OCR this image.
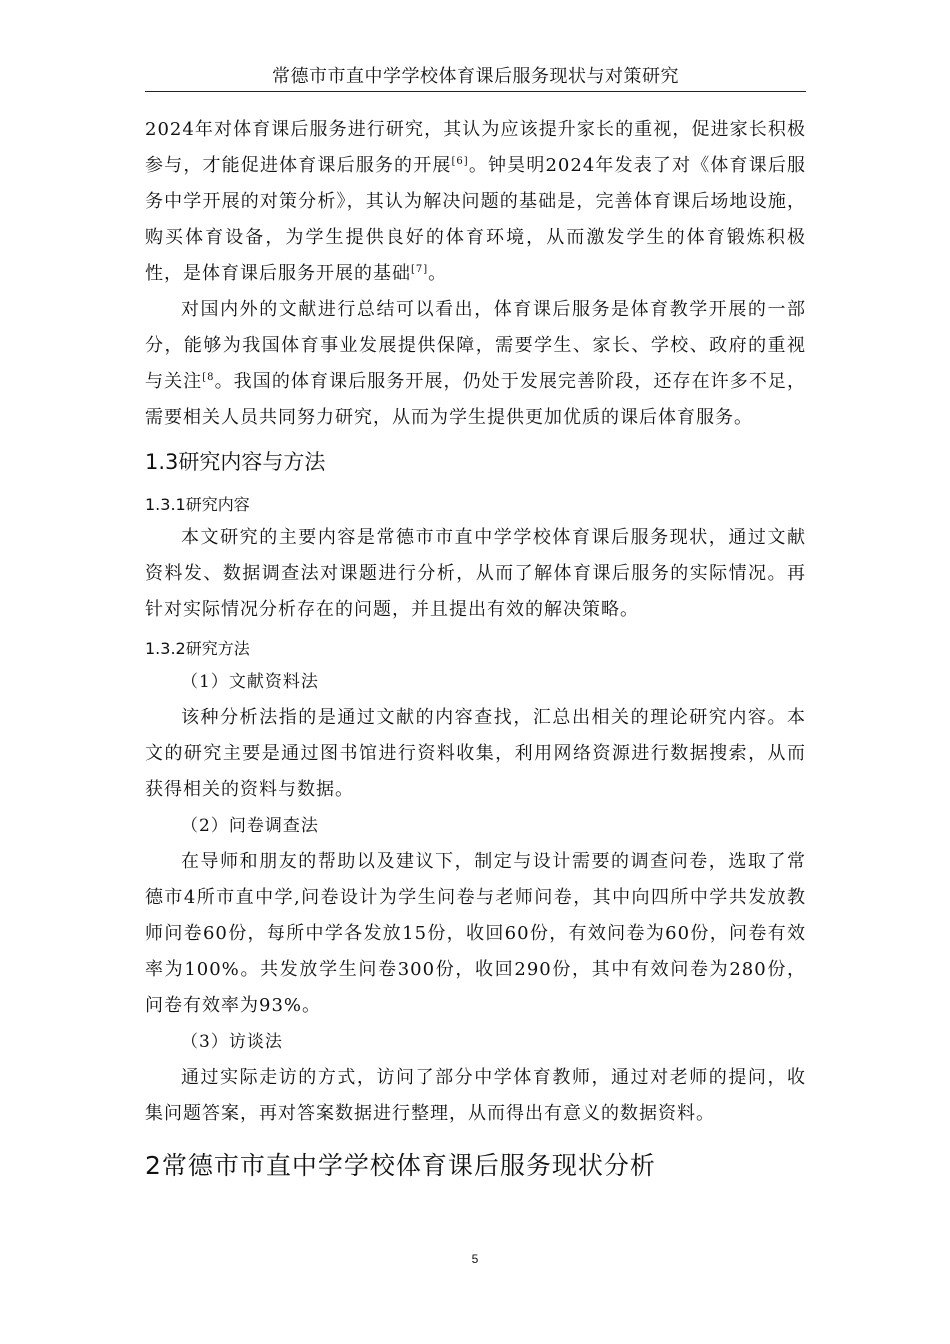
常德市市直中学学校体育课后服务现状与对策研究

2024年对体育课后服务进行研究，其认为应该提升家长的重视，促进家长积极参与，才能促进体育课后服务的开展[6]。钟昊明2024年发表了对《体育课后服务中学开展的对策分析》，其认为解决问题的基础是，完善体育课后场地设施，购买体育设备，为学生提供良好的体育环境，从而激发学生的体育锻炼积极性，是体育课后服务开展的基础[7]。

对国内外的文献进行总结可以看出，体育课后服务是体育教学开展的一部分，能够为我国体育事业发展提供保障，需要学生、家长、学校、政府的重视与关注$^{[8}$。我国的体育课后服务开展，仍处于发展完善阶段，还存在许多不足，需要相关人员共同努力研究，从而为学生提供更加优质的课后体育服务。

1.3研究内容与方法
1.3.1研究内容

本文研究的主要内容是常德市市直中学学校体育课后服务现状，通过文献资料发、数据调查法对课题进行分析，从而了解体育课后服务的实际情况。再针对实际情况分析存在的问题，并且提出有效的解决策略。

1.3.2研究方法

（1）文献资料法

该种分析法指的是通过文献的内容查找，汇总出相关的理论研究内容。本文的研究主要是通过图书馆进行资料收集，利用网络资源进行数据搜索，从而获得相关的资料与数据。

（2）问卷调查法

在导师和朋友的帮助以及建议下，制定与设计需要的调查问卷，选取了常德市4所市直中学,问卷设计为学生问卷与老师问卷，其中向四所中学共发放教师问卷60份，每所中学各发放15份，收回60份，有效问卷为60份，问卷有效率为100%。共发放学生问卷300份，收回290份，其中有效问卷为280份，问卷有效率为93%。

（3）访谈法

通过实际走访的方式，访问了部分中学体育教师，通过对老师的提问，收集问题答案，再对答案数据进行整理，从而得出有意义的数据资料。

2常德市市直中学学校体育课后服务现状分析
5
